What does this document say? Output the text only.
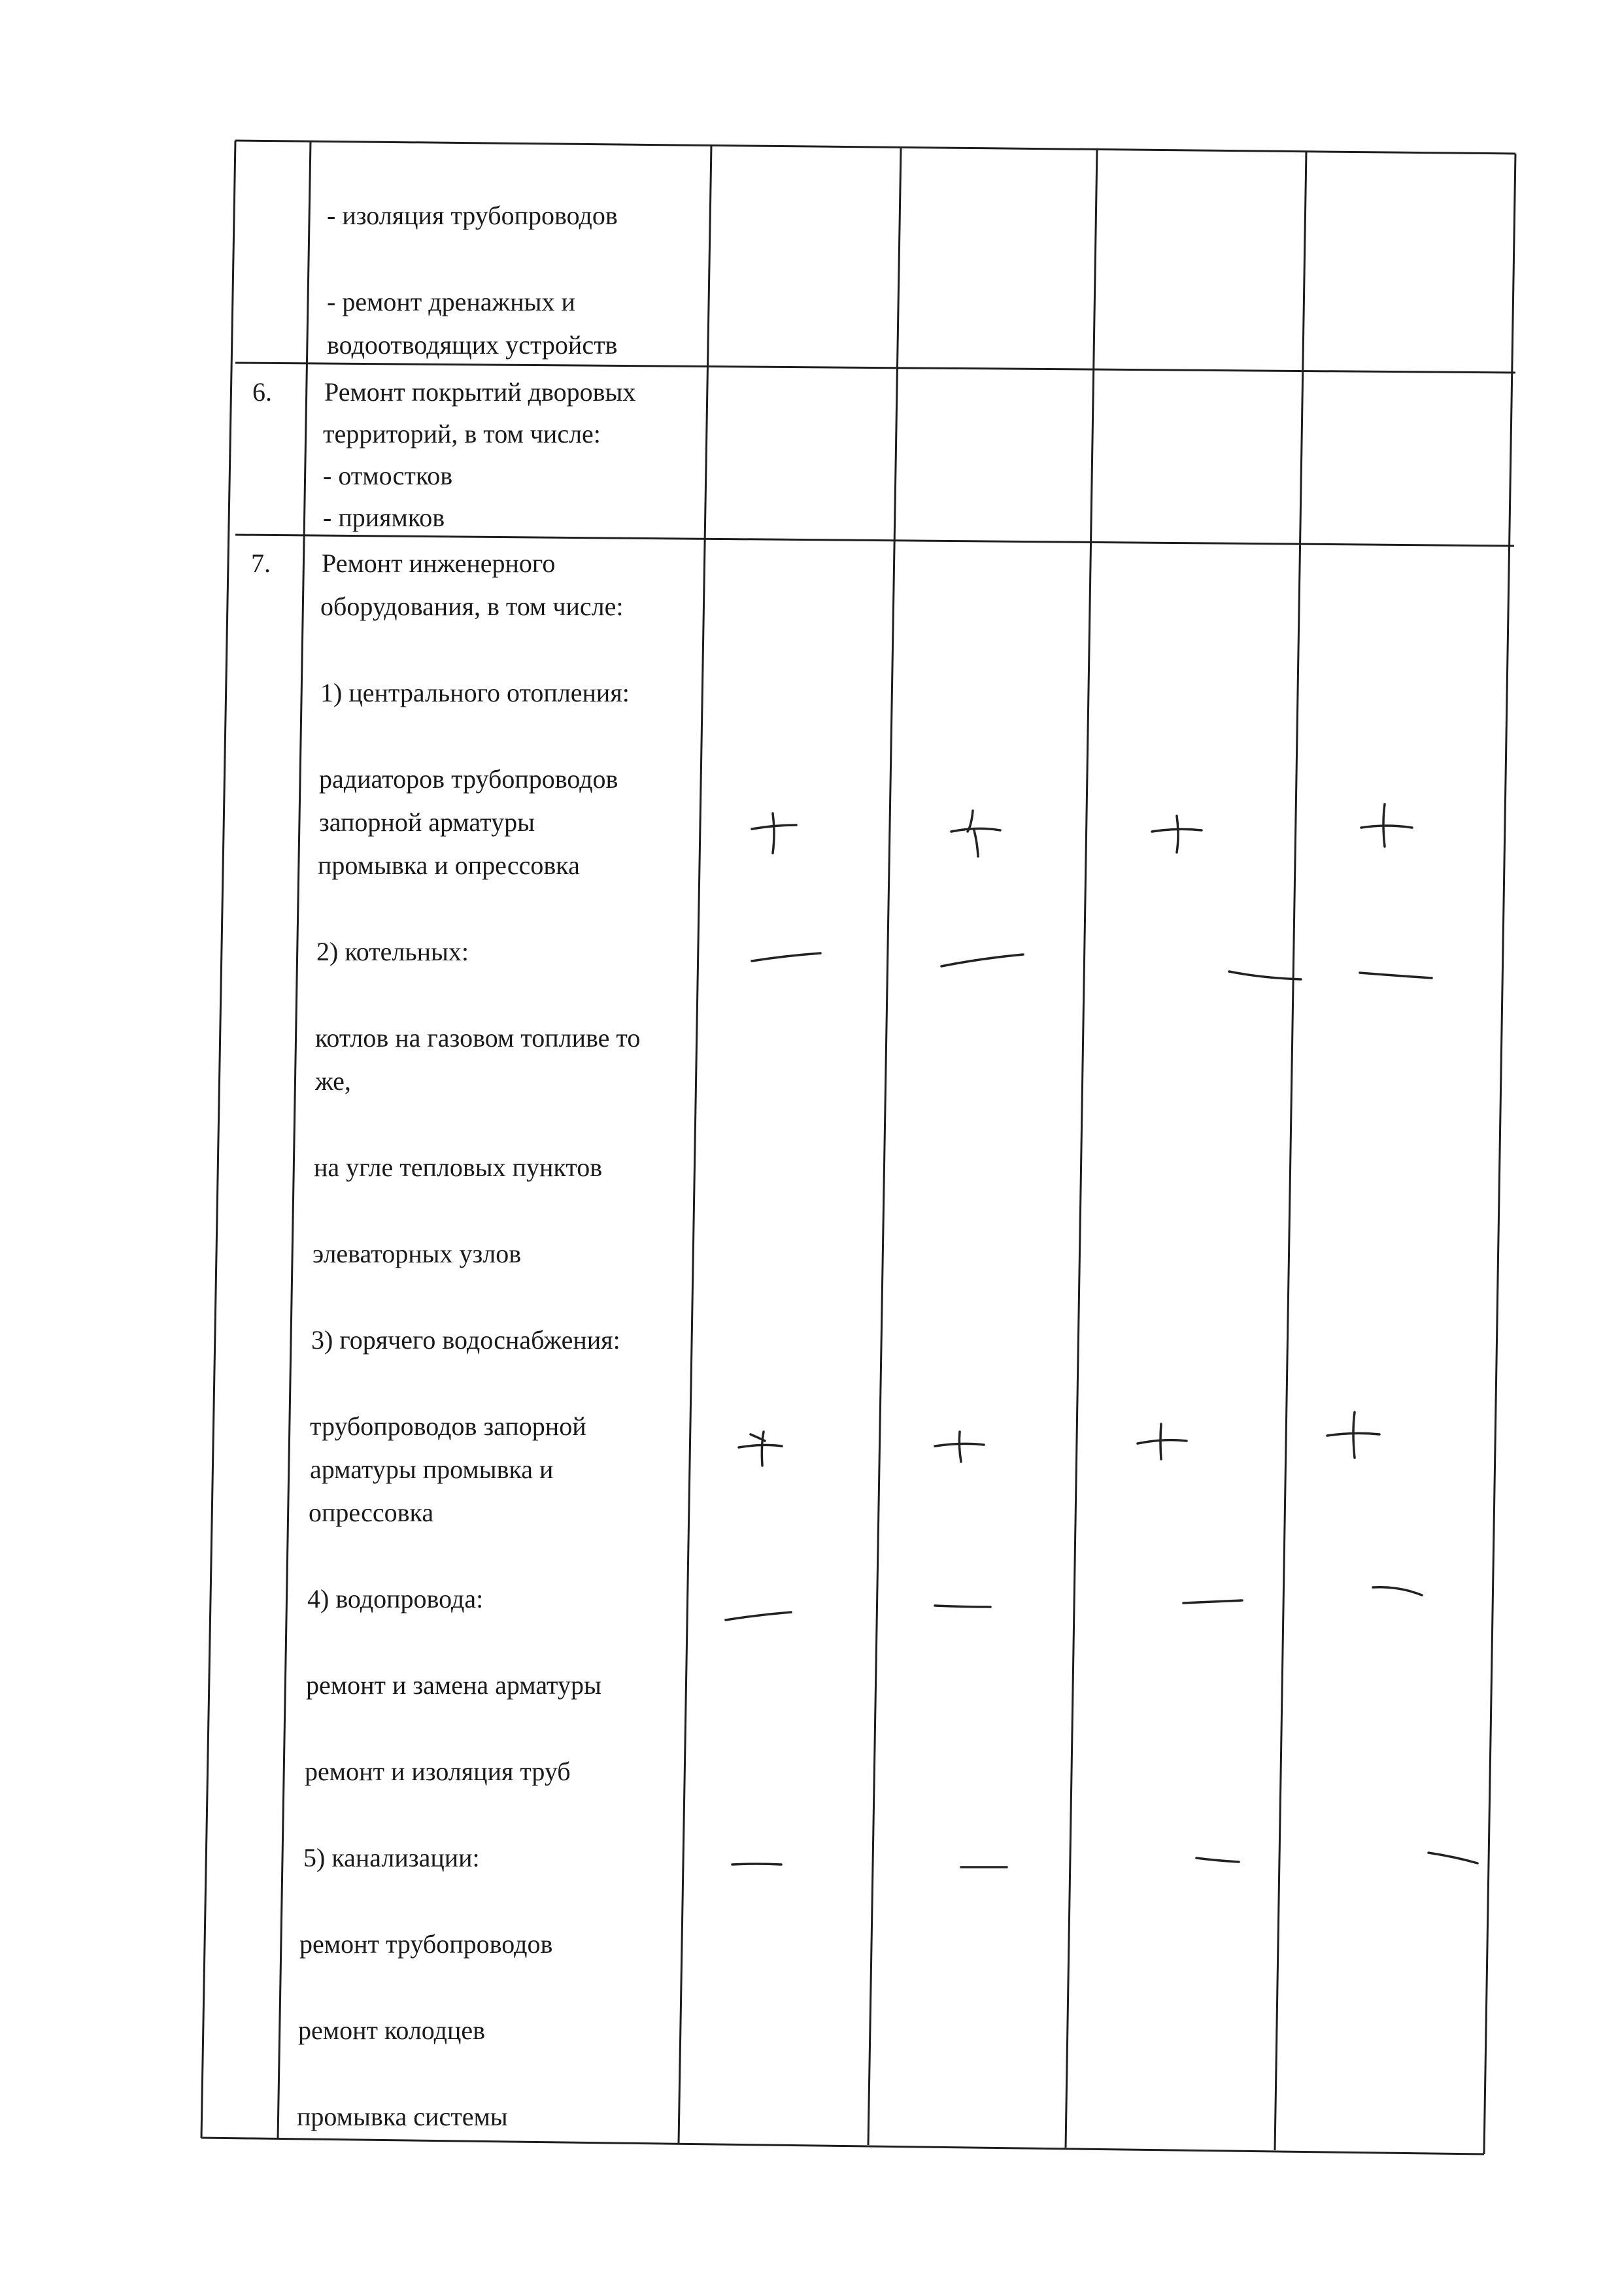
- изоляция трубопроводов
- ремонт дренажных и
водоотводящих устройств
6. Ремонт покрытий дворовых
территорий, в том числе:
- отмостков
- приямков
7. Ремонт инженерного
оборудования, в том числе:
1) центрального отопления:
радиаторов трубопроводов
запорной арматуры
промывка и опрессовка
2) котельных:
котлов на газовом топливе то
же,
на угле тепловых пунктов
элеваторных узлов
3) горячего водоснабжения:
трубопроводов запорной
арматуры промывка и
опрессовка
4) водопровода:
ремонт и замена арматуры
ремонт и изоляция труб
5) канализации:
ремонт трубопроводов
ремонт колодцев
промывка системы
